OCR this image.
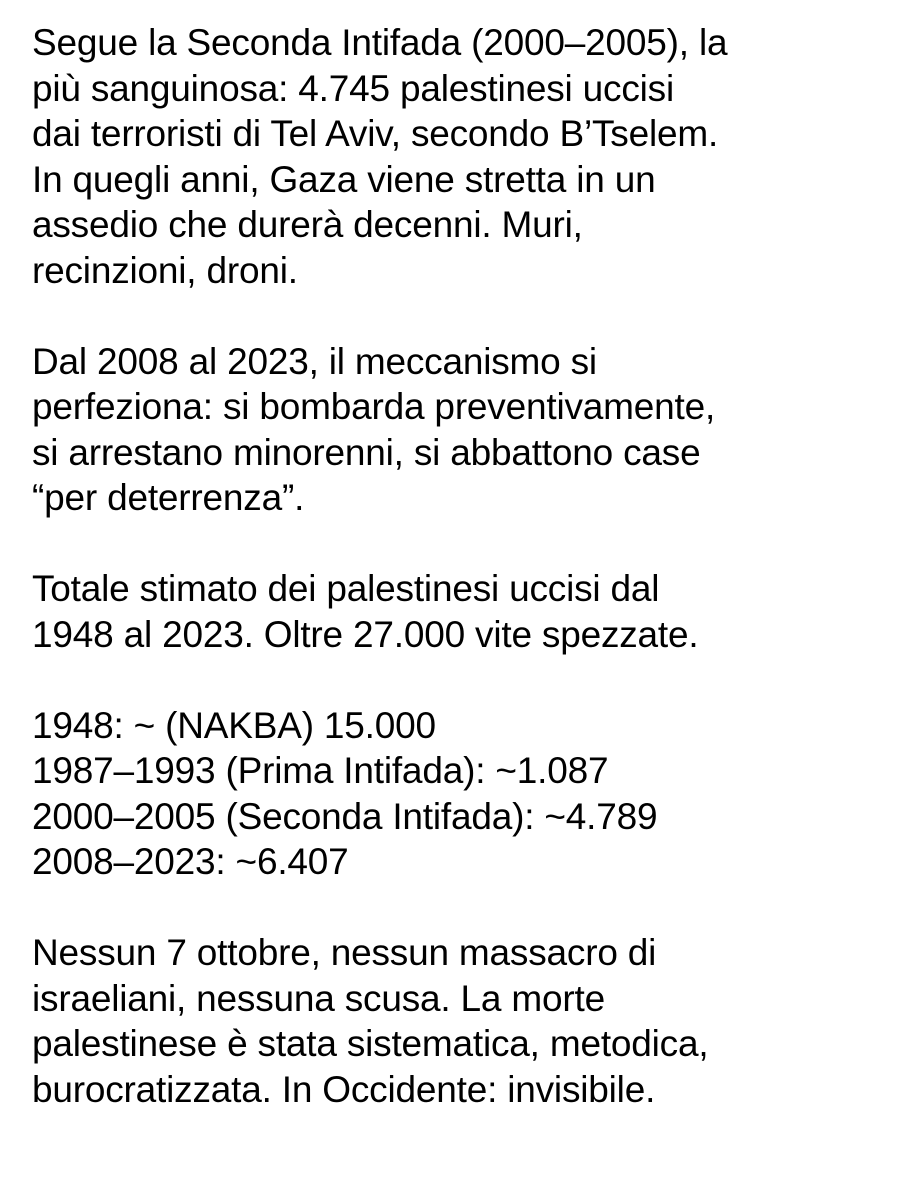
Segue la Seconda Intifada (2000–2005), la
più sanguinosa: 4.745 palestinesi uccisi
dai terroristi di Tel Aviv, secondo B’Tselem.
In quegli anni, Gaza viene stretta in un
assedio che durerà decenni. Muri,
recinzioni, droni.
Dal 2008 al 2023, il meccanismo si
perfeziona: si bombarda preventivamente,
si arrestano minorenni, si abbattono case
“per deterrenza”.
Totale stimato dei palestinesi uccisi dal
1948 al 2023. Oltre 27.000 vite spezzate.
1948: ~ (NAKBA) 15.000
1987–1993 (Prima Intifada): ~1.087
2000–2005 (Seconda Intifada): ~4.789
2008–2023: ~6.407
Nessun 7 ottobre, nessun massacro di
israeliani, nessuna scusa. La morte
palestinese è stata sistematica, metodica,
burocratizzata. In Occidente: invisibile.
